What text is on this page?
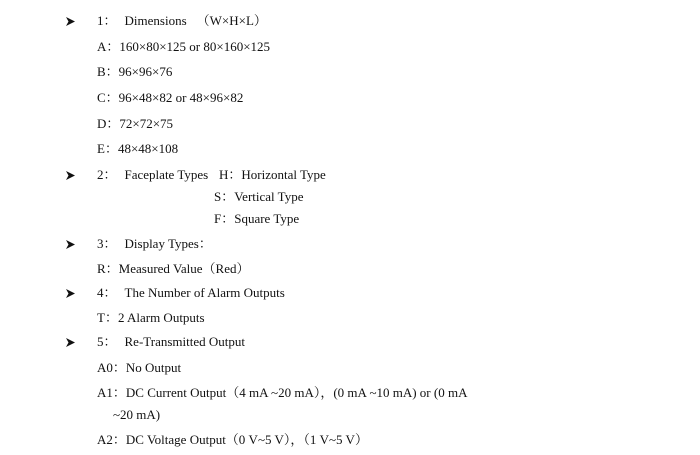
1： Dimensions （W×H×L）
A：160×80×125 or 80×160×125
B：96×96×76
C：96×48×82 or 48×96×82
D：72×72×75
E：48×48×108
2： Faceplate Types H：Horizontal Type
S：Vertical Type
F：Square Type
3： Display Types：
R：Measured Value（Red）
4： The Number of Alarm Outputs
T：2 Alarm Outputs
5： Re-Transmitted Output
A0：No Output
A1：DC Current Output（4 mA ~20 mA），(0 mA ~10 mA) or (0 mA
~20 mA)
A2：DC Voltage Output（0 V~5 V），（1 V~5 V）
